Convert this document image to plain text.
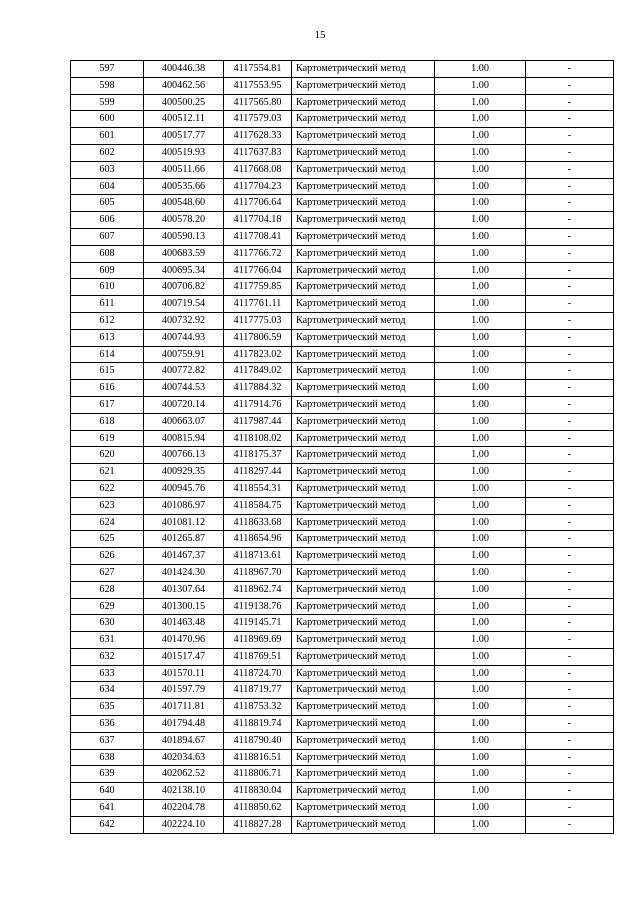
15
597	400446.38	4117554.81	Картометрический метод	1.00	-
598	400462.56	4117553.95	Картометрический метод	1.00	-
599	400500.25	4117565.80	Картометрический метод	1.00	-
600	400512.11	4117579.03	Картометрический метод	1.00	-
601	400517.77	4117628.33	Картометрический метод	1.00	-
602	400519.93	4117637.83	Картометрический метод	1.00	-
603	400511.66	4117668.08	Картометрический метод	1.00	-
604	400535.66	4117704.23	Картометрический метод	1.00	-
605	400548.60	4117706.64	Картометрический метод	1.00	-
606	400578.20	4117704.18	Картометрический метод	1.00	-
607	400590.13	4117708.41	Картометрический метод	1.00	-
608	400683.59	4117766.72	Картометрический метод	1.00	-
609	400695.34	4117766.04	Картометрический метод	1.00	-
610	400706.82	4117759.85	Картометрический метод	1.00	-
611	400719.54	4117761.11	Картометрический метод	1.00	-
612	400732.92	4117775.03	Картометрический метод	1.00	-
613	400744.93	4117806.59	Картометрический метод	1.00	-
614	400759.91	4117823.02	Картометрический метод	1.00	-
615	400772.82	4117849.02	Картометрический метод	1.00	-
616	400744.53	4117884.32	Картометрический метод	1.00	-
617	400720.14	4117914.76	Картометрический метод	1.00	-
618	400663.07	4117987.44	Картометрический метод	1.00	-
619	400815.94	4118108.02	Картометрический метод	1.00	-
620	400766.13	4118175.37	Картометрический метод	1.00	-
621	400929.35	4118297.44	Картометрический метод	1.00	-
622	400945.76	4118554.31	Картометрический метод	1.00	-
623	401086.97	4118584.75	Картометрический метод	1.00	-
624	401081.12	4118633.68	Картометрический метод	1.00	-
625	401265.87	4118654.96	Картометрический метод	1.00	-
626	401467.37	4118713.61	Картометрический метод	1.00	-
627	401424.30	4118967.70	Картометрический метод	1.00	-
628	401307.64	4118962.74	Картометрический метод	1.00	-
629	401300.15	4119138.76	Картометрический метод	1.00	-
630	401463.48	4119145.71	Картометрический метод	1.00	-
631	401470.96	4118969.69	Картометрический метод	1.00	-
632	401517.47	4118769.51	Картометрический метод	1.00	-
633	401570.11	4118724.70	Картометрический метод	1.00	-
634	401597.79	4118719.77	Картометрический метод	1.00	-
635	401711.81	4118753.32	Картометрический метод	1.00	-
636	401794.48	4118819.74	Картометрический метод	1.00	-
637	401894.67	4118790.40	Картометрический метод	1.00	-
638	402034.63	4118816.51	Картометрический метод	1.00	-
639	402062.52	4118806.71	Картометрический метод	1.00	-
640	402138.10	4118830.04	Картометрический метод	1.00	-
641	402204.78	4118850.62	Картометрический метод	1.00	-
642	402224.10	4118827.28	Картометрический метод	1.00	-
